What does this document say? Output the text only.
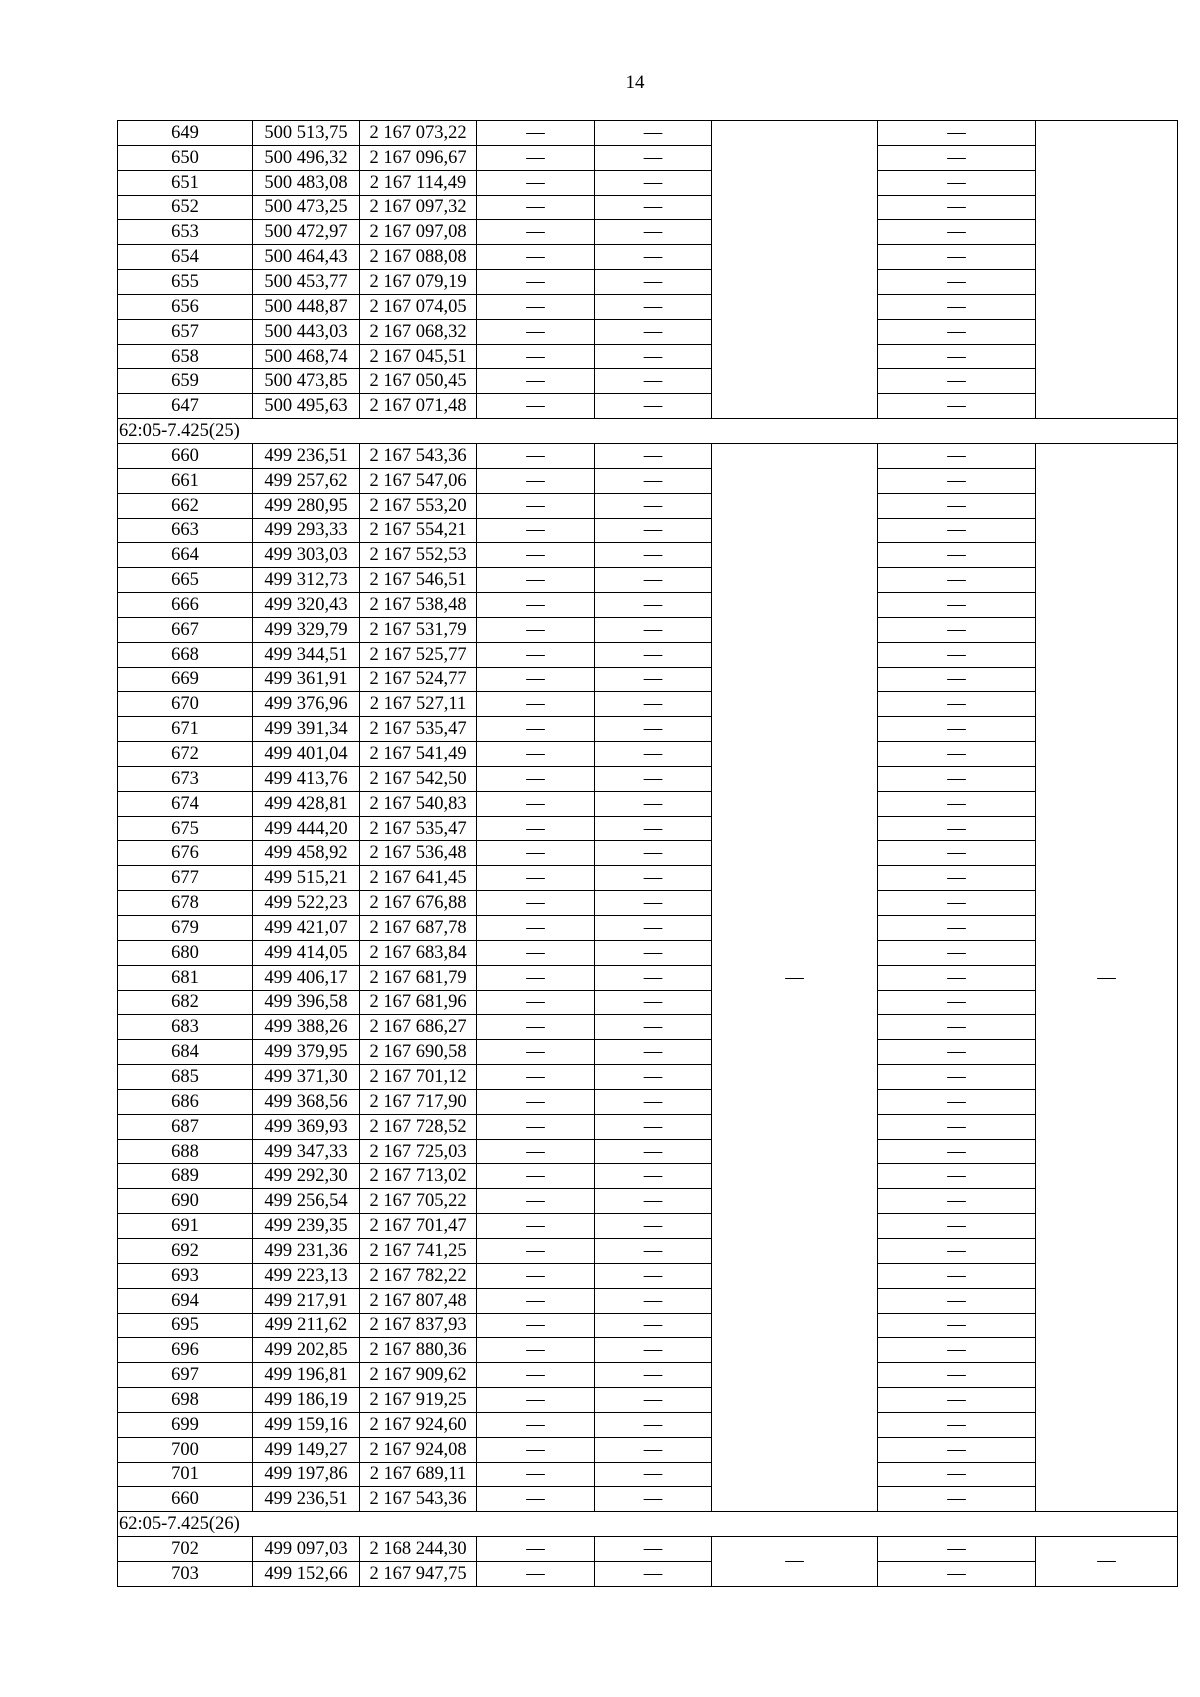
14
649	500 513,75	2 167 073,22	—	—		—	
650	500 496,32	2 167 096,67	—	—		—	
651	500 483,08	2 167 114,49	—	—		—	
652	500 473,25	2 167 097,32	—	—		—	
653	500 472,97	2 167 097,08	—	—		—	
654	500 464,43	2 167 088,08	—	—		—	
655	500 453,77	2 167 079,19	—	—		—	
656	500 448,87	2 167 074,05	—	—		—	
657	500 443,03	2 167 068,32	—	—		—	
658	500 468,74	2 167 045,51	—	—		—	
659	500 473,85	2 167 050,45	—	—		—	
647	500 495,63	2 167 071,48	—	—		—	
62:05-7.425(25)							
660	499 236,51	2 167 543,36	—	—	—	—	—
661	499 257,62	2 167 547,06	—	—		—	
662	499 280,95	2 167 553,20	—	—		—	
663	499 293,33	2 167 554,21	—	—		—	
664	499 303,03	2 167 552,53	—	—		—	
665	499 312,73	2 167 546,51	—	—		—	
666	499 320,43	2 167 538,48	—	—		—	
667	499 329,79	2 167 531,79	—	—		—	
668	499 344,51	2 167 525,77	—	—		—	
669	499 361,91	2 167 524,77	—	—		—	
670	499 376,96	2 167 527,11	—	—		—	
671	499 391,34	2 167 535,47	—	—		—	
672	499 401,04	2 167 541,49	—	—		—	
673	499 413,76	2 167 542,50	—	—		—	
674	499 428,81	2 167 540,83	—	—		—	
675	499 444,20	2 167 535,47	—	—		—	
676	499 458,92	2 167 536,48	—	—		—	
677	499 515,21	2 167 641,45	—	—		—	
678	499 522,23	2 167 676,88	—	—		—	
679	499 421,07	2 167 687,78	—	—		—	
680	499 414,05	2 167 683,84	—	—		—	
681	499 406,17	2 167 681,79	—	—		—	
682	499 396,58	2 167 681,96	—	—		—	
683	499 388,26	2 167 686,27	—	—		—	
684	499 379,95	2 167 690,58	—	—		—	
685	499 371,30	2 167 701,12	—	—		—	
686	499 368,56	2 167 717,90	—	—		—	
687	499 369,93	2 167 728,52	—	—		—	
688	499 347,33	2 167 725,03	—	—		—	
689	499 292,30	2 167 713,02	—	—		—	
690	499 256,54	2 167 705,22	—	—		—	
691	499 239,35	2 167 701,47	—	—		—	
692	499 231,36	2 167 741,25	—	—		—	
693	499 223,13	2 167 782,22	—	—		—	
694	499 217,91	2 167 807,48	—	—		—	
695	499 211,62	2 167 837,93	—	—		—	
696	499 202,85	2 167 880,36	—	—		—	
697	499 196,81	2 167 909,62	—	—		—	
698	499 186,19	2 167 919,25	—	—		—	
699	499 159,16	2 167 924,60	—	—		—	
700	499 149,27	2 167 924,08	—	—		—	
701	499 197,86	2 167 689,11	—	—		—	
660	499 236,51	2 167 543,36	—	—		—	
62:05-7.425(26)							
702	499 097,03	2 168 244,30	—	—	—	—	—
703	499 152,66	2 167 947,75	—	—		—	
